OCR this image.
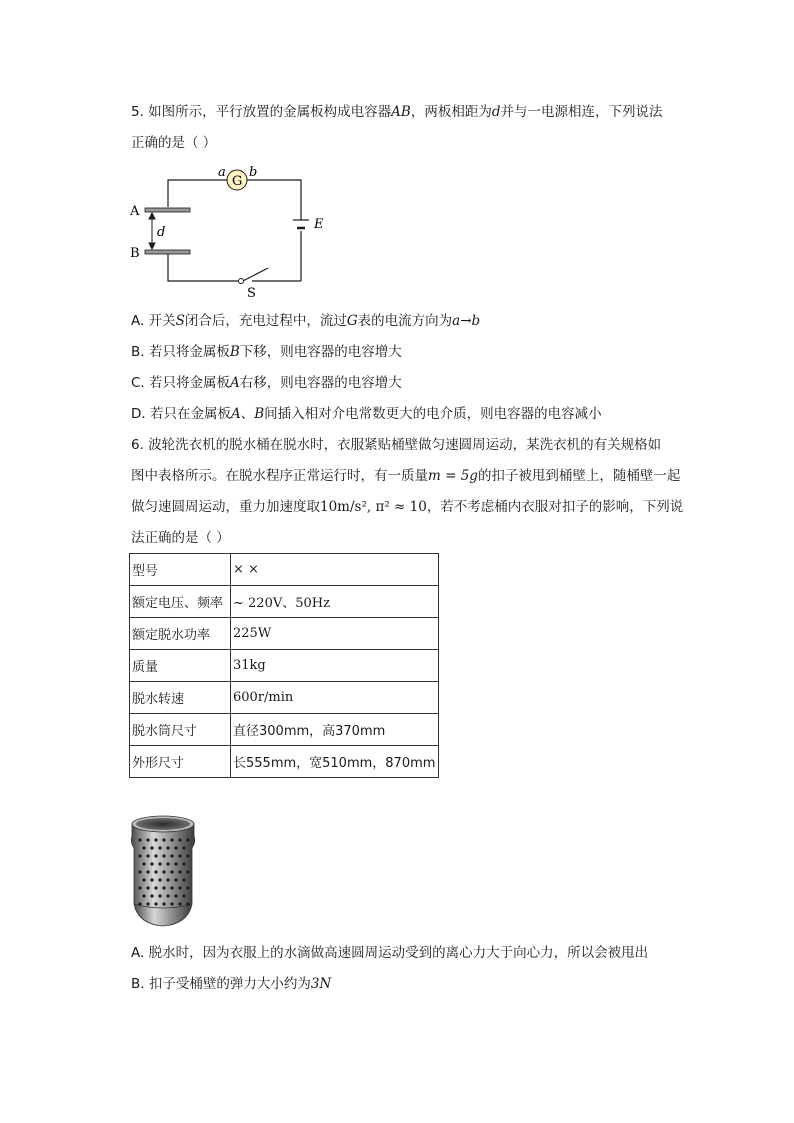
5. 如图所示，平行放置的金属板构成电容器AB，两板相距为d并与一电源相连，下列说法
正确的是（ ）
A
B
d
G
a b
E
S
A. 开关S闭合后，充电过程中，流过G表的电流方向为a→b
B. 若只将金属板B下移，则电容器的电容增大
C. 若只将金属板A右移，则电容器的电容增大
D. 若只在金属板A、B间插入相对介电常数更大的电介质，则电容器的电容减小
6. 波轮洗衣机的脱水桶在脱水时，衣服紧贴桶壁做匀速圆周运动，某洗衣机的有关规格如
图中表格所示。在脱水程序正常运行时，有一质量m = 5g的扣子被甩到桶壁上，随桶壁一起
做匀速圆周运动，重力加速度取10m/s², π² ≈ 10，若不考虑桶内衣服对扣子的影响，下列说
法正确的是（ ）
型号	× ×
额定电压、频率	~ 220V、50Hz
额定脱水功率	225W
质量	31kg
脱水转速	600r/min
脱水筒尺寸	直径300mm，高370mm
外形尺寸	长555mm，宽510mm，870mm
A. 脱水时，因为衣服上的水滴做高速圆周运动受到的离心力大于向心力，所以会被甩出
B. 扣子受桶壁的弹力大小约为3N
